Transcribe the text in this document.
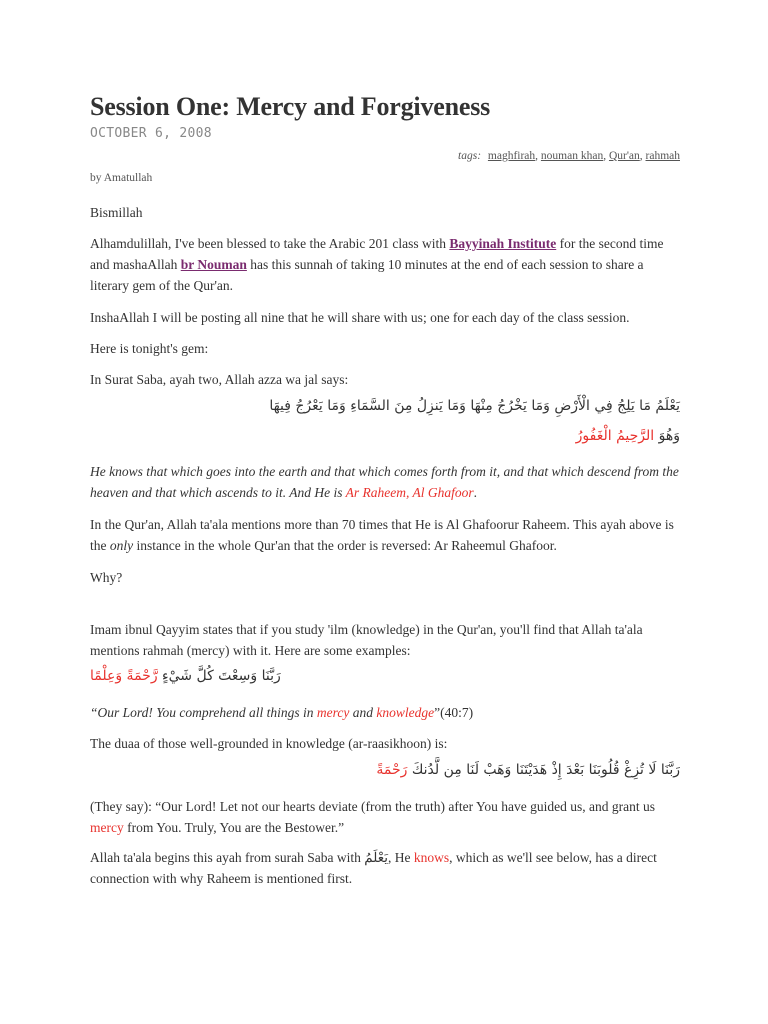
Session One: Mercy and Forgiveness
OCTOBER 6, 2008
tags: maghfirah, nouman khan, Qur'an, rahmah
by Amatullah

Bismillah

Alhamdulillah, I've been blessed to take the Arabic 201 class with Bayyinah Institute for the second time and mashaAllah br Nouman has this sunnah of taking 10 minutes at the end of each session to share a literary gem of the Qur'an.

InshaAllah I will be posting all nine that he will share with us; one for each day of the class session.

Here is tonight's gem:

In Surat Saba, ayah two, Allah azza wa jal says:

يَعْلَمُ مَا يَلِجُ فِي الْأَرْضِ وَمَا يَخْرُجُ مِنْهَا وَمَا يَنزِلُ مِنَ السَّمَاءِ وَمَا يَعْرُجُ فِيهَا

وَهُوَ الرَّحِيمُ الْغَفُورُ

He knows that which goes into the earth and that which comes forth from it, and that which descend from the heaven and that which ascends to it. And He is Ar Raheem, Al Ghafoor.

In the Qur'an, Allah ta'ala mentions more than 70 times that He is Al Ghafoorur Raheem. This ayah above is the only instance in the whole Qur'an that the order is reversed: Ar Raheemul Ghafoor.

Why?

Imam ibnul Qayyim states that if you study 'ilm (knowledge) in the Qur'an, you'll find that Allah ta'ala mentions rahmah (mercy) with it. Here are some examples:

رَبَّنَا وَسِعْتَ كُلَّ شَيْءٍ رَّحْمَةً وَعِلْمًا

“Our Lord! You comprehend all things in mercy and knowledge”(40:7)

The duaa of those well-grounded in knowledge (ar-raasikhoon) is:

رَبَّنَا لَا تُزِغْ قُلُوبَنَا بَعْدَ إِذْ هَدَيْتَنَا وَهَبْ لَنَا مِن لَّدُنكَ رَحْمَةً

(They say): “Our Lord! Let not our hearts deviate (from the truth) after You have guided us, and grant us mercy from You. Truly, You are the Bestower.”

Allah ta'ala begins this ayah from surah Saba with يَعْلَمُ, He knows, which as we'll see below, has a direct connection with why Raheem is mentioned first.
